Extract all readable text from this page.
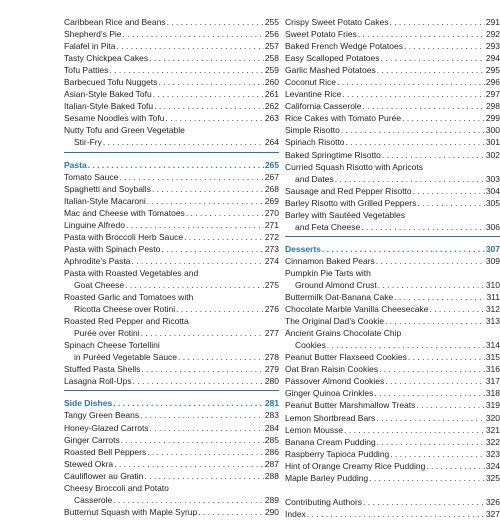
Caribbean Rice and Beans . . .	255
Shepherd’s Pie . . .	256
Falafel in Pita . . .	257
Tasty Chickpea Cakes . . .	258
Tofu Patties . . .	259
Barbecued Tofu Nuggets . . .	260
Asian-Style Baked Tofu . . .	261
Italian-Style Baked Tofu . . .	262
Sesame Noodles with Tofu . . .	263
Nutty Tofu and Green Vegetable
Stir-Fry . . .	264
Pasta . . .	265
Tomato Sauce . . .	267
Spaghetti and Soyballs . . .	268
Italian-Style Macaroni . . .	269
Mac and Cheese with Tomatoes . . .	270
Linguine Alfredo . . .	271
Pasta with Broccoli Herb Sauce . . .	272
Pasta with Spinach Pesto . . .	273
Aphrodite’s Pasta . . .	274
Pasta with Roasted Vegetables and
Goat Cheese . . .	275
Roasted Garlic and Tomatoes with
Ricotta Cheese over Rotini . . .	276
Roasted Red Pepper and Ricotta
Purée over Rotini . . .	277
Spinach Cheese Tortellini
in Puréed Vegetable Sauce . . .	278
Stuffed Pasta Shells . . .	279
Lasagna Roll-Ups . . .	280
Side Dishes . . .	281
Tangy Green Beans . . .	283
Honey-Glazed Carrots . . .	284
Ginger Carrots . . .	285
Roasted Bell Peppers . . .	286
Stewed Okra . . .	287
Cauliflower au Gratin . . .	288
Cheesy Broccoli and Potato
Casserole . . .	289
Butternut Squash with Maple Syrup . . .	290
Crispy Sweet Potato Cakes . . .	291
Sweet Potato Fries . . .	292
Baked French Wedge Potatoes . . .	293
Easy Scalloped Potatoes . . .	294
Garlic Mashed Potatoes . . .	295
Coconut Rice . . .	296
Levantine Rice . . .	297
California Casserole . . .	298
Rice Cakes with Tomato Purée . . .	299
Simple Risotto . . .	300
Spinach Risotto . . .	301
Baked Springtime Risotto . . .	302
Curried Squash Risotto with Apricots
and Dates . . .	303
Sausage and Red Pepper Risotto . . .	304
Barley Risotto with Grilled Peppers . . .	305
Barley with Sautéed Vegetables
and Feta Cheese . . .	306
Desserts . . .	307
Cinnamon Baked Pears . . .	309
Pumpkin Pie Tarts with
Ground Almond Crust . . .	310
Buttermilk Oat-Banana Cake . . .	311
Chocolate Marble Vanilla Cheesecake . . .	312
The Original Dad’s Cookie . . .	313
Ancient Grains Chocolate Chip
Cookies . . .	314
Peanut Butter Flaxseed Cookies . . .	315
Oat Bran Raisin Cookies . . .	316
Passover Almond Cookies . . .	317
Ginger Quinoa Crinkles . . .	318
Peanut Butter Marshmallow Treats . . .	319
Lemon Shortbread Bars . . .	320
Lemon Mousse . . .	321
Banana Cream Pudding . . .	322
Raspberry Tapioca Pudding . . .	323
Hint of Orange Creamy Rice Pudding . . .	324
Maple Barley Pudding . . .	325
Contributing Authors . . .	326
Index . . .	327
